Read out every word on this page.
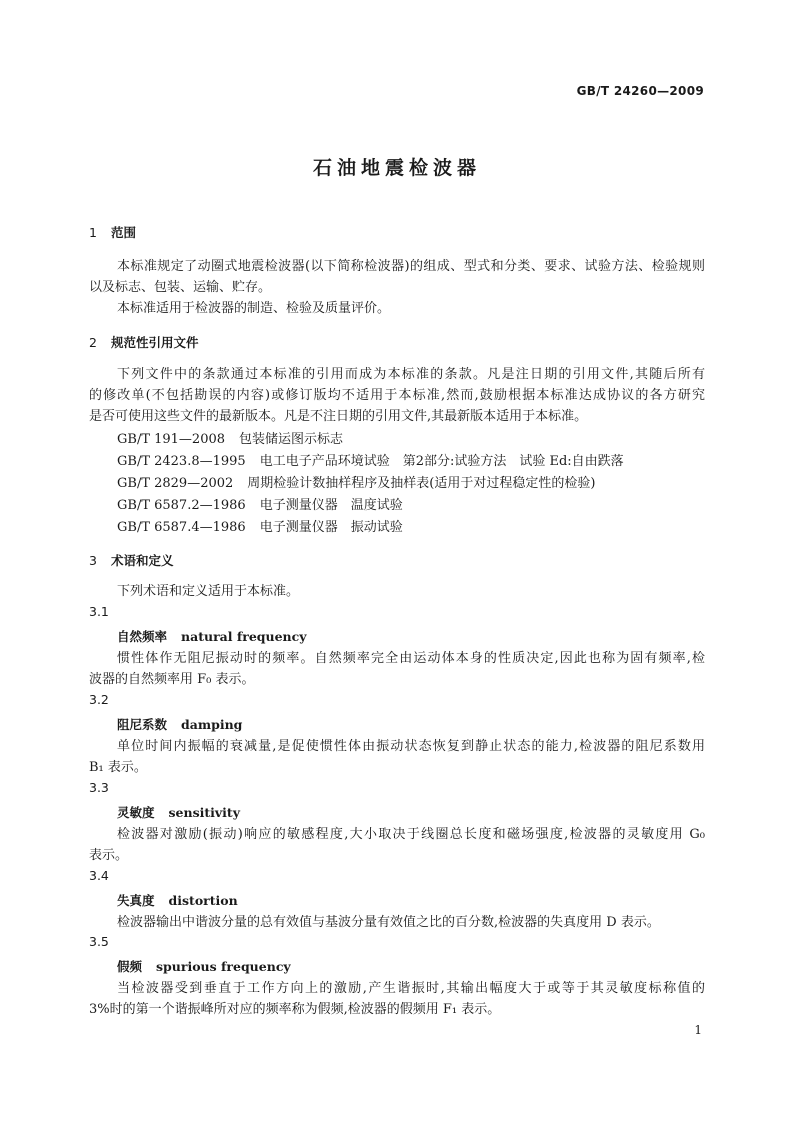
GB/T 24260—2009
石油地震检波器
1 范围
本标准规定了动圈式地震检波器(以下简称检波器)的组成、型式和分类、要求、试验方法、检验规则
以及标志、包装、运输、贮存。
本标准适用于检波器的制造、检验及质量评价。
2 规范性引用文件
下列文件中的条款通过本标准的引用而成为本标准的条款。凡是注日期的引用文件,其随后所有
的修改单(不包括勘误的内容)或修订版均不适用于本标准,然而,鼓励根据本标准达成协议的各方研究
是否可使用这些文件的最新版本。凡是不注日期的引用文件,其最新版本适用于本标准。
GB/T 191—2008 包装储运图示标志
GB/T 2423.8—1995 电工电子产品环境试验　第2部分:试验方法　试验 Ed:自由跌落
GB/T 2829—2002 周期检验计数抽样程序及抽样表(适用于对过程稳定性的检验)
GB/T 6587.2—1986 电子测量仪器　温度试验
GB/T 6587.4—1986 电子测量仪器　振动试验
3 术语和定义
下列术语和定义适用于本标准。
3.1
自然频率 natural frequency
惯性体作无阻尼振动时的频率。自然频率完全由运动体本身的性质决定,因此也称为固有频率,检
波器的自然频率用 F₀ 表示。
3.2
阻尼系数 damping
单位时间内振幅的衰减量,是促使惯性体由振动状态恢复到静止状态的能力,检波器的阻尼系数用
B₁ 表示。
3.3
灵敏度 sensitivity
检波器对激励(振动)响应的敏感程度,大小取决于线圈总长度和磁场强度,检波器的灵敏度用 G₀
表示。
3.4
失真度 distortion
检波器输出中谐波分量的总有效值与基波分量有效值之比的百分数,检波器的失真度用 D 表示。
3.5
假频 spurious frequency
当检波器受到垂直于工作方向上的激励,产生谐振时,其输出幅度大于或等于其灵敏度标称值的
3%时的第一个谐振峰所对应的频率称为假频,检波器的假频用 F₁ 表示。
1
